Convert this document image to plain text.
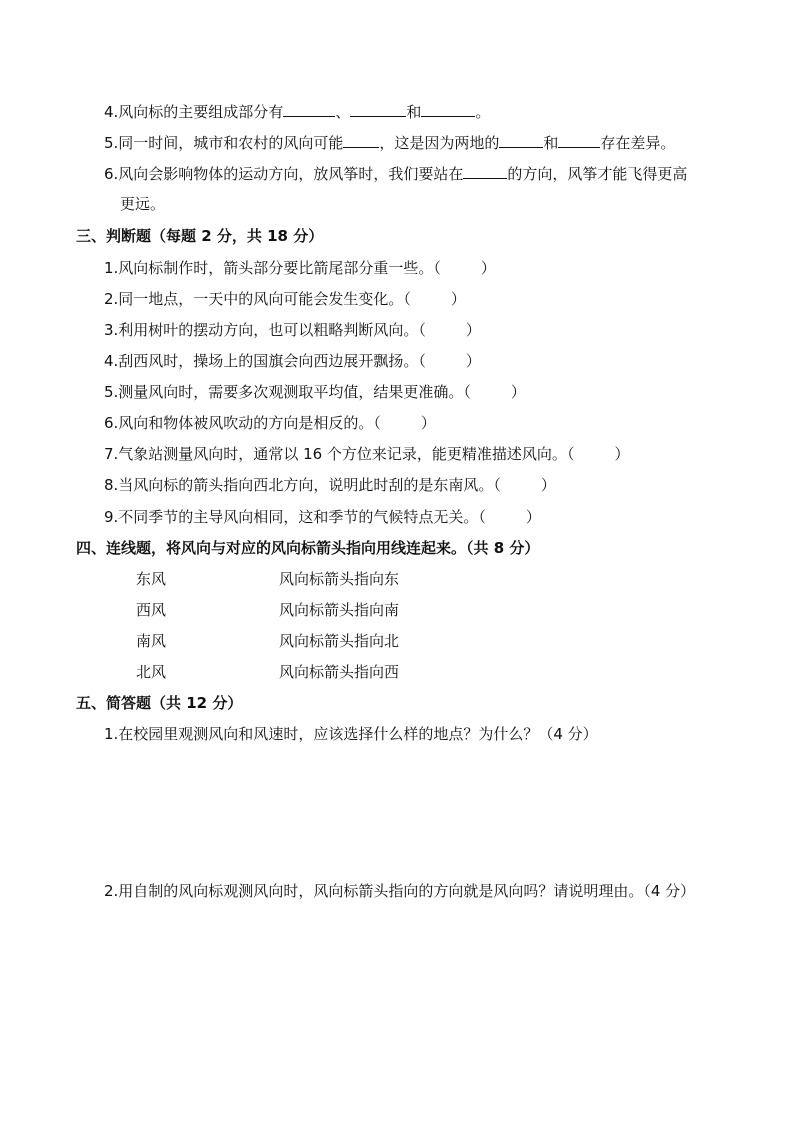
4.风向标的主要组成部分有	、	和	。
5.同一时间，城市和农村的风向可能 ，这是因为两地的	和	存在差异。
6.风向会影响物体的运动方向，放风筝时，我们要站在	的方向，风筝才能飞得更高
更远。
三、判断题（每题 2 分，共 18 分）
1.风向标制作时，箭头部分要比箭尾部分重一些。（	）
2.同一地点，一天中的风向可能会发生变化。（	）
3.利用树叶的摆动方向，也可以粗略判断风向。（	）
4.刮西风时，操场上的国旗会向西边展开飘扬。（	）
5.测量风向时，需要多次观测取平均值，结果更准确。（	）
6.风向和物体被风吹动的方向是相反的。（	）
7.气象站测量风向时，通常以 16 个方位来记录，能更精准描述风向。（	）
8.当风向标的箭头指向西北方向，说明此时刮的是东南风。（	）
9.不同季节的主导风向相同，这和季节的气候特点无关。（	）
四、连线题，将风向与对应的风向标箭头指向用线连起来。（共 8 分）
东风	风向标箭头指向东
西风	风向标箭头指向南
南风	风向标箭头指向北
北风	风向标箭头指向西
五、简答题（共 12 分）
1.在校园里观测风向和风速时，应该选择什么样的地点？为什么？（4 分）
2.用自制的风向标观测风向时，风向标箭头指向的方向就是风向吗？请说明理由。（4 分）
